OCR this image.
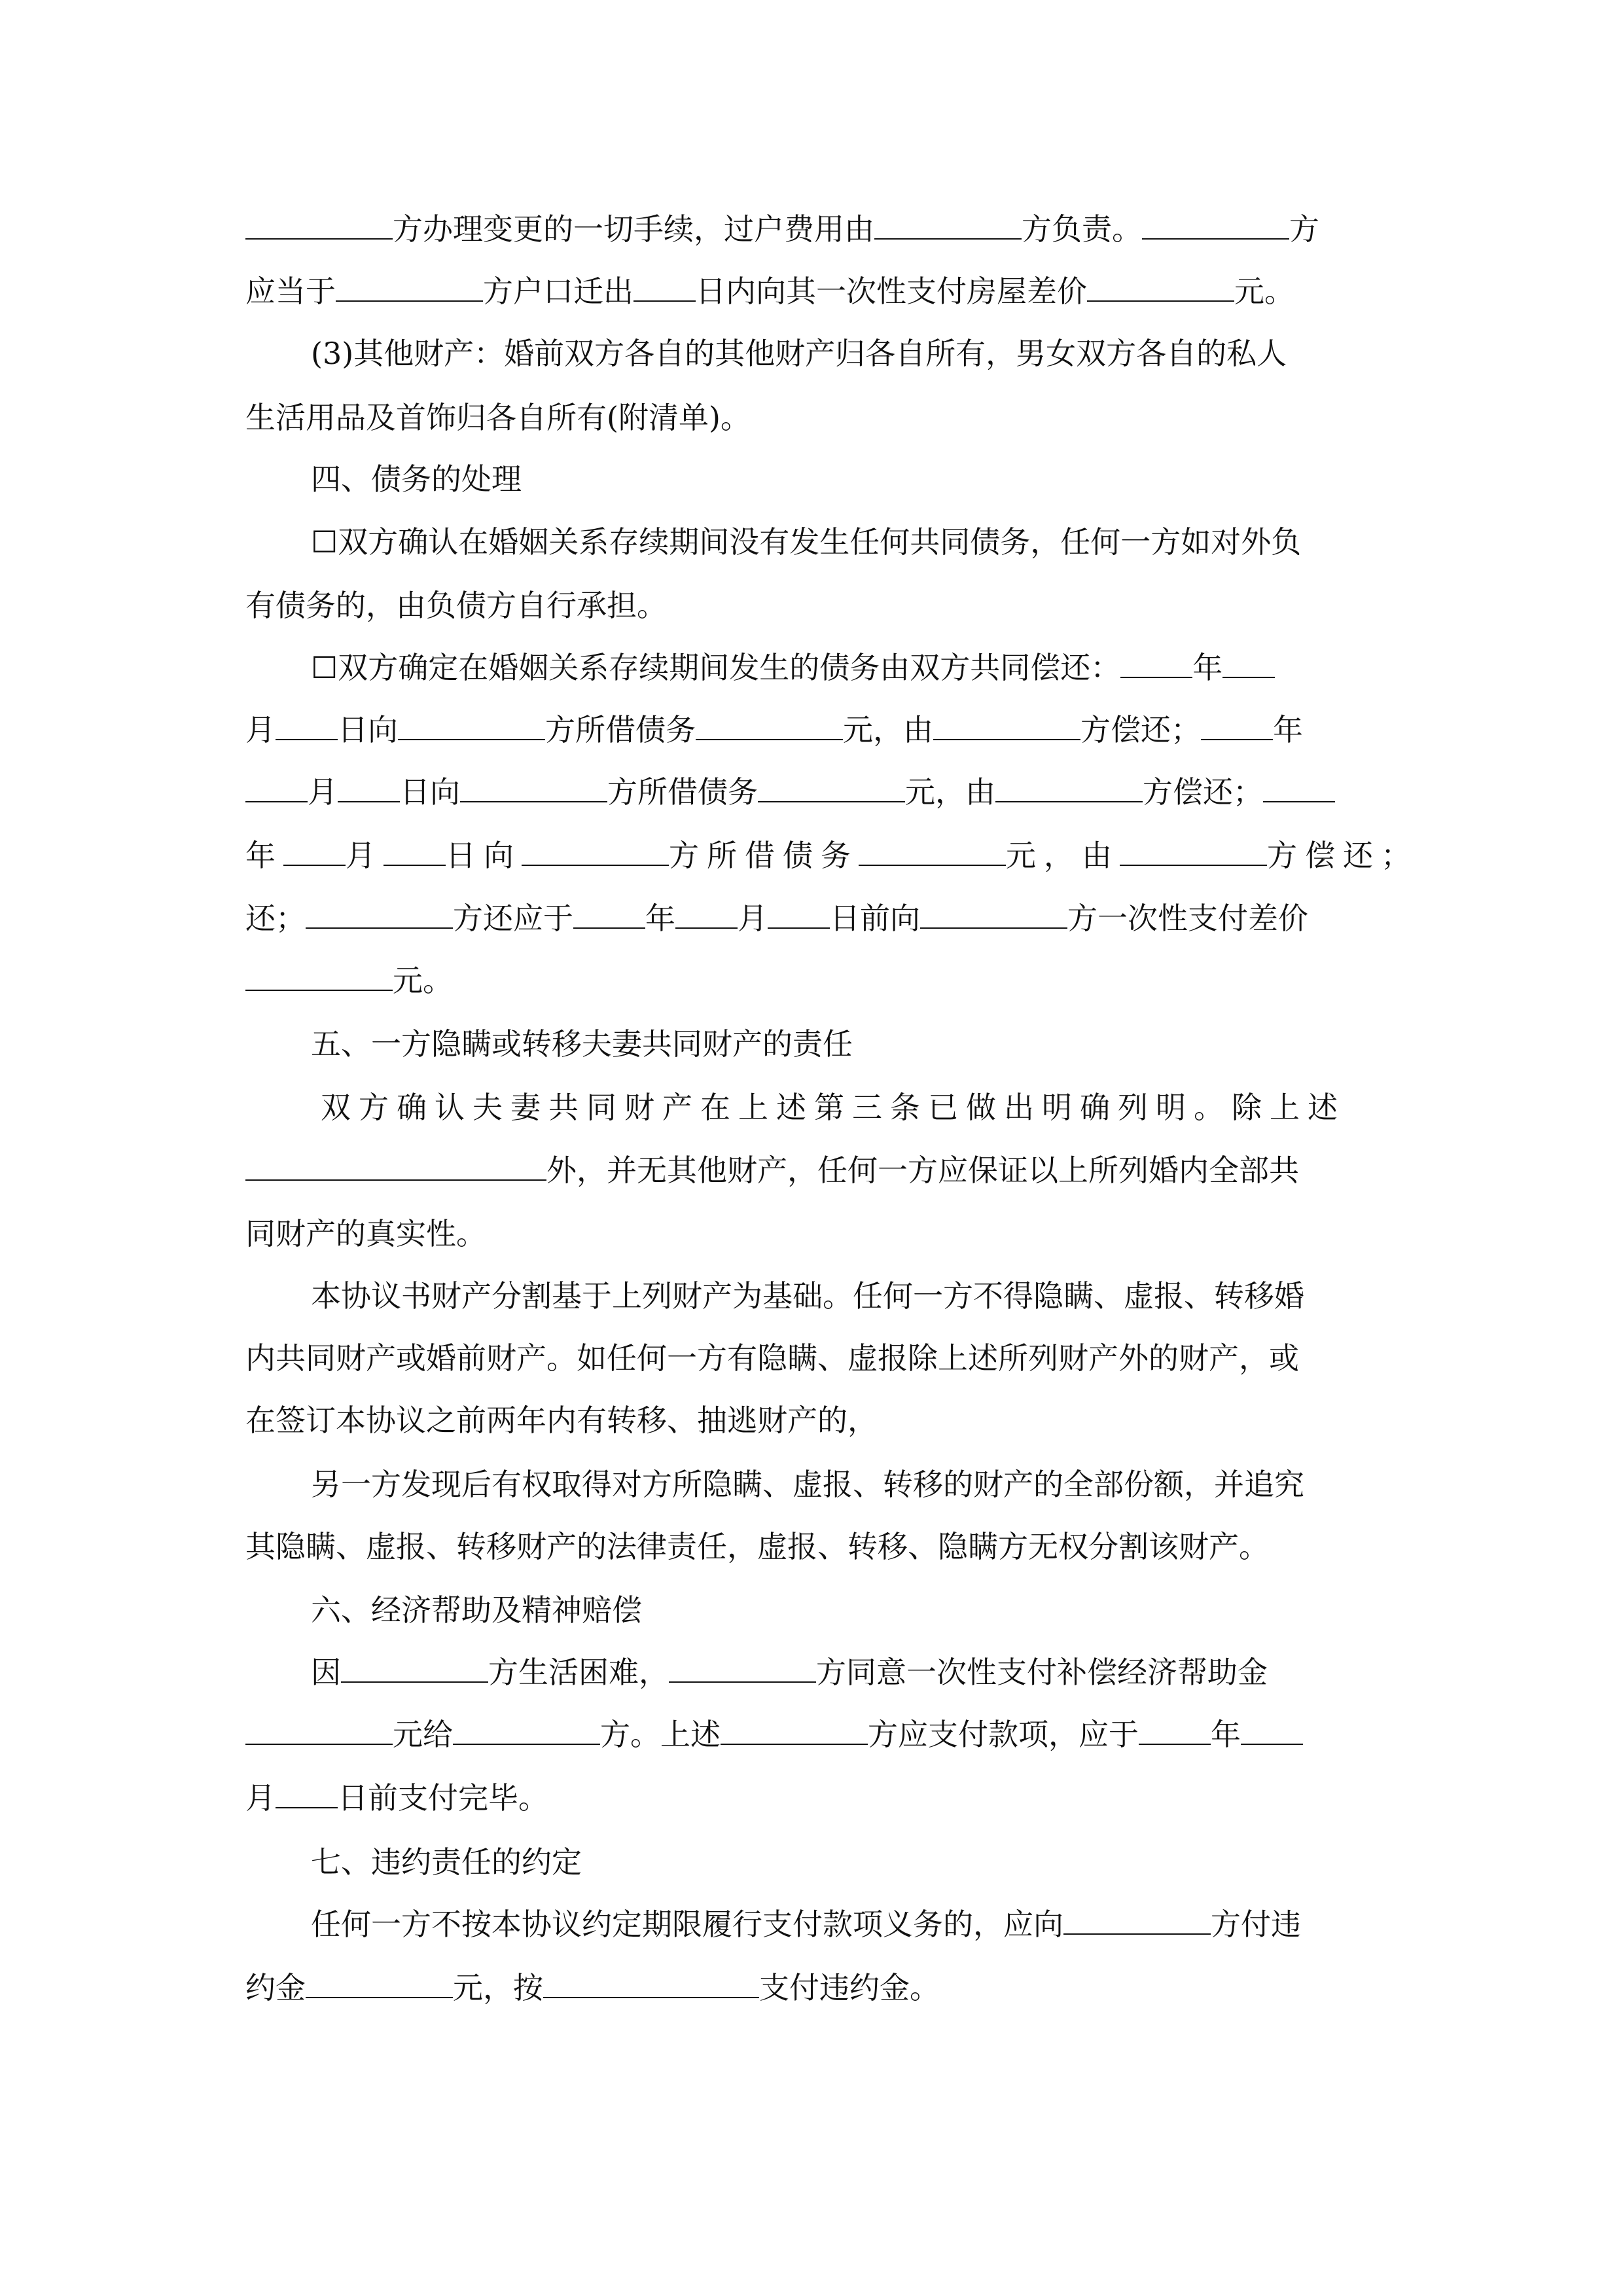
方办理变更的一切手续，过户费用由	方负责。	方
应当于	方户口迁出 日内向其一次性支付房屋差价	元。
(3)其他财产：婚前双方各自的其他财产归各自所有，男女双方各自的私人
生活用品及首饰归各自所有(附清单)。
四、债务的处理
☐双方确认在婚姻关系存续期间没有发生任何共同债务，任何一方如对外负
有债务的，由负债方自行承担。
☐双方确定在婚姻关系存续期间发生的债务由双方共同偿还： 年
月 日向	方所借债务	元，由	方偿还； 年
月 日向	方所借债务	元，由	方偿还；
年 月 日向	方所借债务	元，由	方偿还；
还；	方还应于 年 月 日前向	方一次性支付差价
元。
五、一方隐瞒或转移夫妻共同财产的责任
双方确认夫妻共同财产在上述第三条已做出明确列明。除上述
外，并无其他财产，任何一方应保证以上所列婚内全部共
同财产的真实性。
本协议书财产分割基于上列财产为基础。任何一方不得隐瞒、虚报、转移婚
内共同财产或婚前财产。如任何一方有隐瞒、虚报除上述所列财产外的财产，或
在签订本协议之前两年内有转移、抽逃财产的，
另一方发现后有权取得对方所隐瞒、虚报、转移的财产的全部份额，并追究
其隐瞒、虚报、转移财产的法律责任，虚报、转移、隐瞒方无权分割该财产。
六、经济帮助及精神赔偿
因	方生活困难，	方同意一次性支付补偿经济帮助金
元给	方。上述	方应支付款项，应于 年
月 日前支付完毕。
七、违约责任的约定
任何一方不按本协议约定期限履行支付款项义务的，应向	方付违
约金	元，按	支付违约金。
